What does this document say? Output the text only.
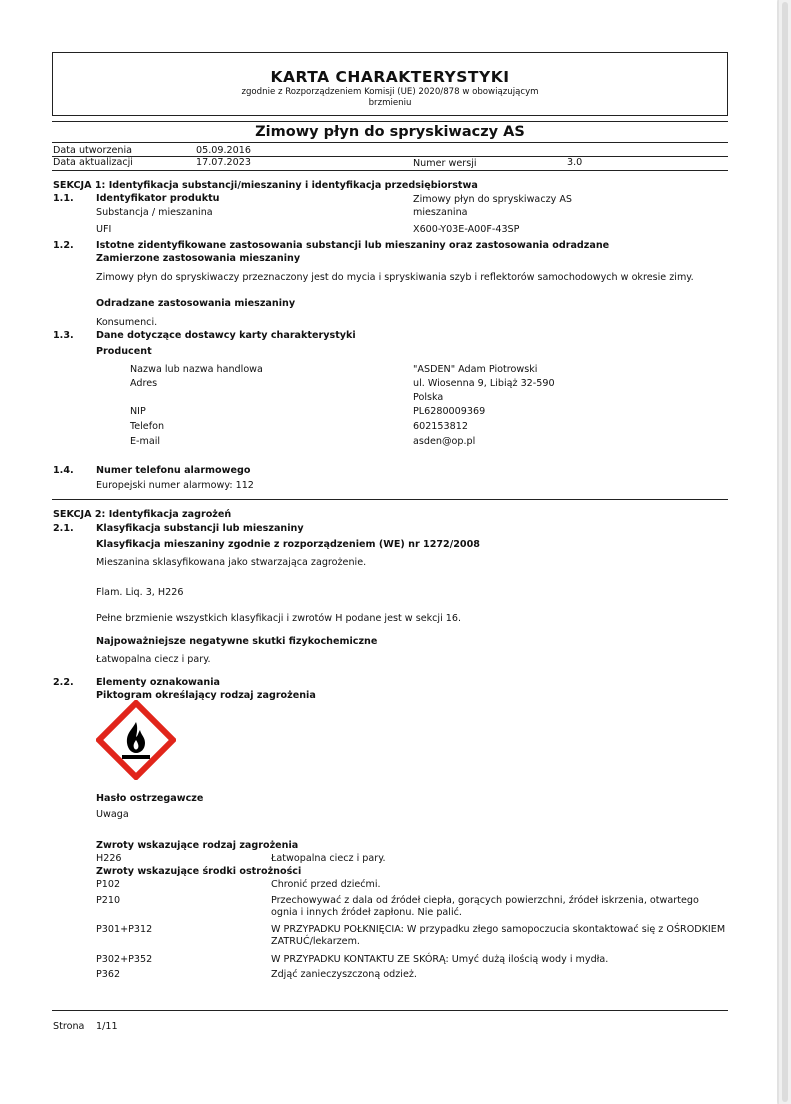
KARTA CHARAKTERYSTYKI
zgodnie z Rozporządzeniem Komisji (UE) 2020/878 w obowiązującym
brzmieniu
Zimowy płyn do spryskiwaczy AS
Data utworzenia	05.09.2016
Data aktualizacji	17.07.2023	Numer wersji	3.0
SEKCJA 1: Identyfikacja substancji/mieszaniny i identyfikacja przedsiębiorstwa
1.1. Identyfikator produktu	Zimowy płyn do spryskiwaczy AS
Substancja / mieszanina	mieszanina
UFI	X600-Y03E-A00F-43SP
1.2. Istotne zidentyfikowane zastosowania substancji lub mieszaniny oraz zastosowania odradzane
Zamierzone zastosowania mieszaniny
Zimowy płyn do spryskiwaczy przeznaczony jest do mycia i spryskiwania szyb i reflektorów samochodowych w okresie zimy.
Odradzane zastosowania mieszaniny
Konsumenci.
1.3. Dane dotyczące dostawcy karty charakterystyki
Producent
Nazwa lub nazwa handlowa	"ASDEN" Adam Piotrowski
Adres	ul. Wiosenna 9, Libiąż 32-590
Polska
NIP	PL6280009369
Telefon	602153812
E-mail	asden@op.pl
1.4. Numer telefonu alarmowego
Europejski numer alarmowy: 112
SEKCJA 2: Identyfikacja zagrożeń
2.1. Klasyfikacja substancji lub mieszaniny
Klasyfikacja mieszaniny zgodnie z rozporządzeniem (WE) nr 1272/2008
Mieszanina sklasyfikowana jako stwarzająca zagrożenie.
Flam. Liq. 3, H226
Pełne brzmienie wszystkich klasyfikacji i zwrotów H podane jest w sekcji 16.
Najpoważniejsze negatywne skutki fizykochemiczne
Łatwopalna ciecz i pary.
2.2. Elementy oznakowania
Piktogram określający rodzaj zagrożenia
Hasło ostrzegawcze
Uwaga
Zwroty wskazujące rodzaj zagrożenia
H226	Łatwopalna ciecz i pary.
Zwroty wskazujące środki ostrożności
P102	Chronić przed dziećmi.
P210	Przechowywać z dala od źródeł ciepła, gorących powierzchni, źródeł iskrzenia, otwartego ognia i innych źródeł zapłonu. Nie palić.
P301+P312	W PRZYPADKU POŁKNIĘCIA: W przypadku złego samopoczucia skontaktować się z OŚRODKIEM ZATRUĆ/lekarzem.
P302+P352	W PRZYPADKU KONTAKTU ZE SKÓRĄ: Umyć dużą ilością wody i mydła.
P362	Zdjąć zanieczyszczoną odzież.
Strona 1/11
